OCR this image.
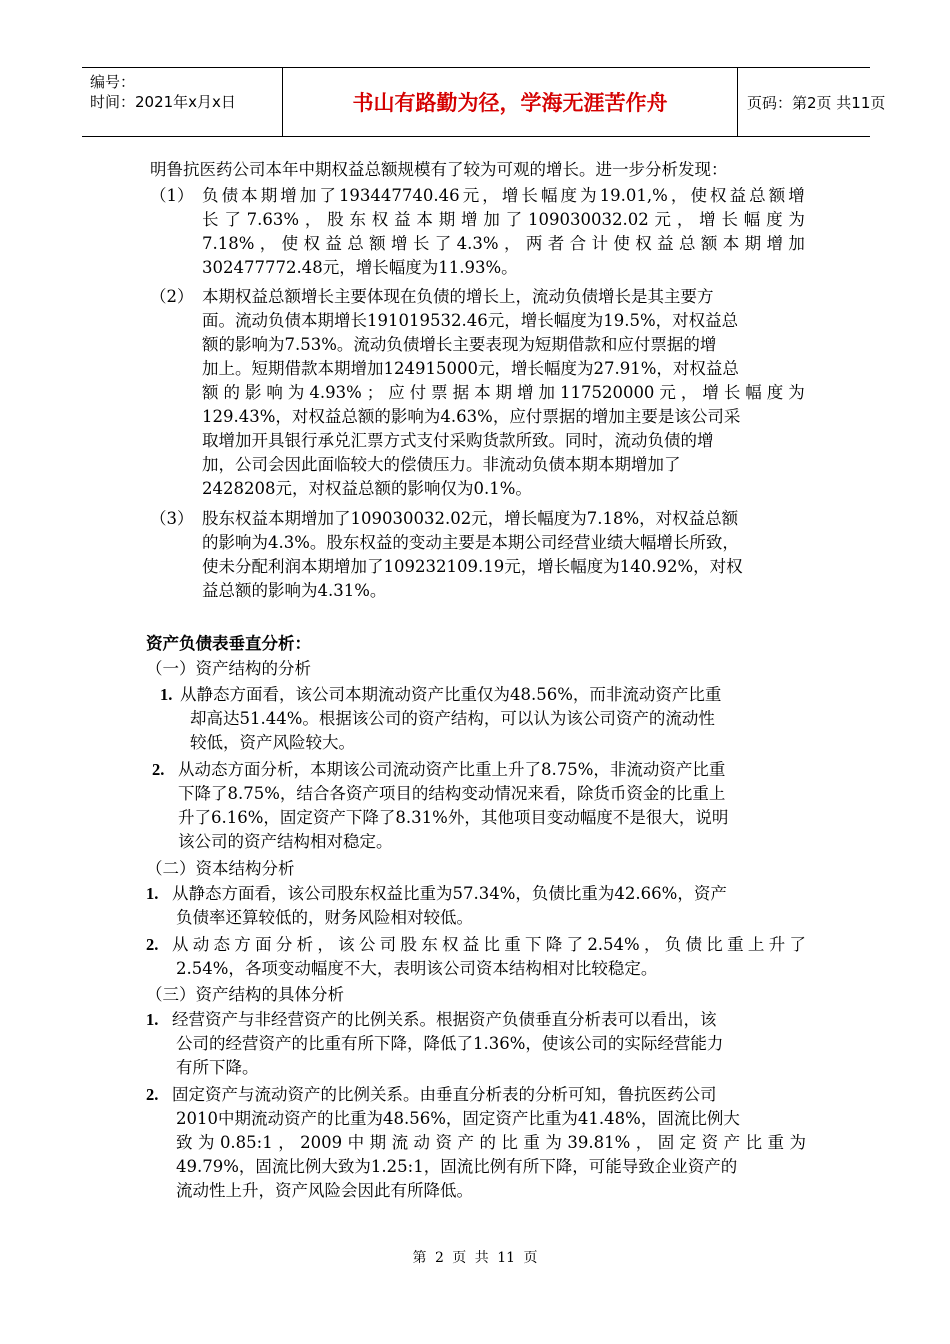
编号：
时间：2021年x月x日	书山有路勤为径，学海无涯苦作舟	页码：第2页 共11页
明鲁抗医药公司本年中期权益总额规模有了较为可观的增长。进一步分析发现：
（1） 负 债 本 期 增 加 了 193447740.46 元 ， 增 长 幅 度 为 19.01,% ， 使 权 益 总 额 增
长 了 7.63% ， 股 东 权 益 本 期 增 加 了 109030032.02 元 ， 增 长 幅 度 为
7.18% ， 使 权 益 总 额 增 长 了 4.3% ， 两 者 合 计 使 权 益 总 额 本 期 增 加
302477772.48元，增长幅度为11.93%。
（2） 本期权益总额增长主要体现在负债的增长上，流动负债增长是其主要方
面。流动负债本期增长191019532.46元，增长幅度为19.5%，对权益总
额的影响为7.53%。流动负债增长主要表现为短期借款和应付票据的增
加上。短期借款本期增加124915000元，增长幅度为27.91%，对权益总
额 的 影 响 为 4.93% ； 应 付 票 据 本 期 增 加 117520000 元 ， 增 长 幅 度 为
129.43%，对权益总额的影响为4.63%，应付票据的增加主要是该公司采
取增加开具银行承兑汇票方式支付采购货款所致。同时，流动负债的增
加，公司会因此面临较大的偿债压力。非流动负债本期本期增加了
2428208元，对权益总额的影响仅为0.1%。
（3） 股东权益本期增加了109030032.02元，增长幅度为7.18%，对权益总额
的影响为4.3%。股东权益的变动主要是本期公司经营业绩大幅增长所致，
使未分配利润本期增加了109232109.19元，增长幅度为140.92%，对权
益总额的影响为4.31%。
资产负债表垂直分析：
（一）资产结构的分析
1. 从静态方面看，该公司本期流动资产比重仅为48.56%，而非流动资产比重
却高达51.44%。根据该公司的资产结构，可以认为该公司资产的流动性
较低，资产风险较大。
2. 从动态方面分析，本期该公司流动资产比重上升了8.75%，非流动资产比重
下降了8.75%，结合各资产项目的结构变动情况来看，除货币资金的比重上
升了6.16%，固定资产下降了8.31%外，其他项目变动幅度不是很大，说明
该公司的资产结构相对稳定。
（二）资本结构分析
1. 从静态方面看，该公司股东权益比重为57.34%，负债比重为42.66%，资产
负债率还算较低的，财务风险相对较低。
2. 从 动 态 方 面 分 析 ， 该 公 司 股 东 权 益 比 重 下 降 了 2.54% ， 负 债 比 重 上 升 了
2.54%，各项变动幅度不大，表明该公司资本结构相对比较稳定。
（三）资产结构的具体分析
1. 经营资产与非经营资产的比例关系。根据资产负债垂直分析表可以看出，该
公司的经营资产的比重有所下降，降低了1.36%，使该公司的实际经营能力
有所下降。
2. 固定资产与流动资产的比例关系。由垂直分析表的分析可知，鲁抗医药公司
2010中期流动资产的比重为48.56%，固定资产比重为41.48%，固流比例大
致 为 0.85:1 ， 2009 中 期 流 动 资 产 的 比 重 为 39.81% ， 固 定 资 产 比 重 为
49.79%，固流比例大致为1.25:1，固流比例有所下降，可能导致企业资产的
流动性上升，资产风险会因此有所降低。
第 2 页 共 11 页
